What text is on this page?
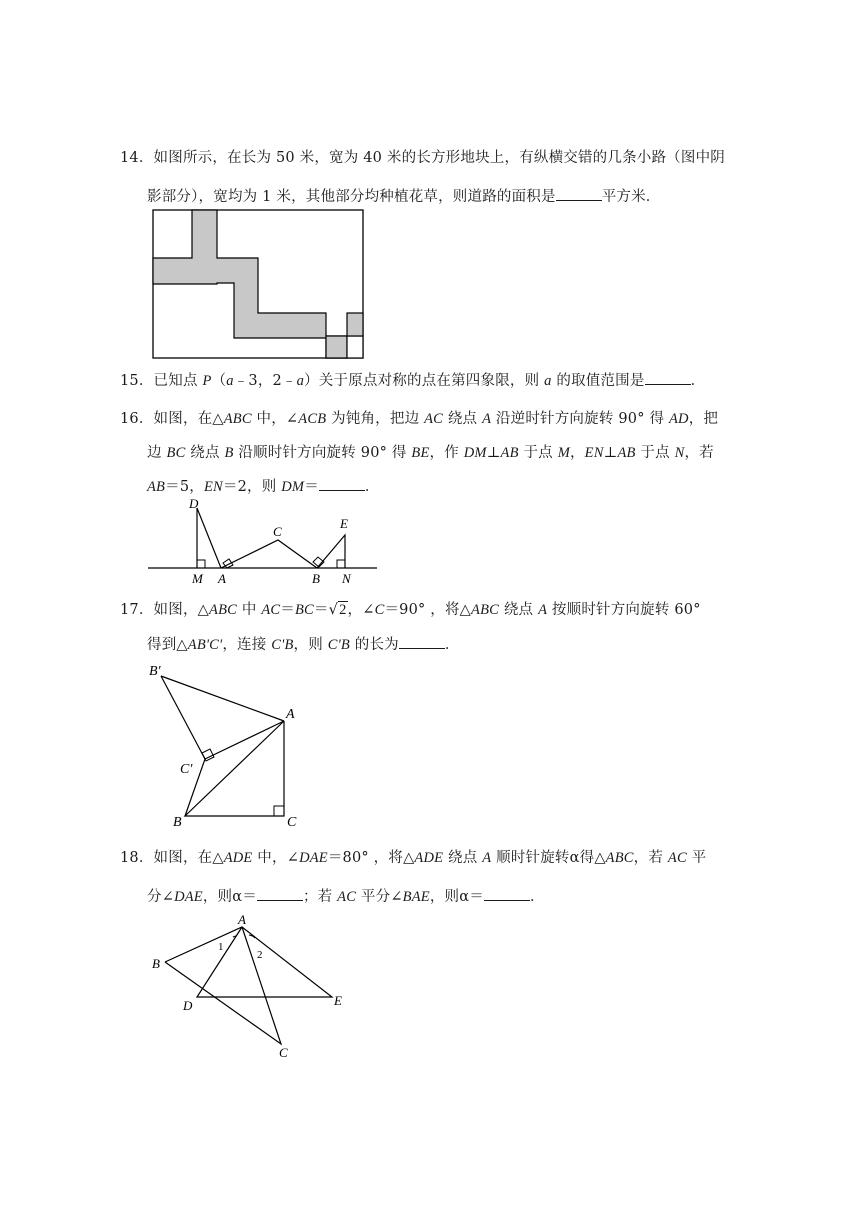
14．如图所示，在长为 50 米，宽为 40 米的长方形地块上，有纵横交错的几条小路（图中阴
影部分），宽均为 1 米，其他部分均种植花草，则道路的面积是	平方米．
15．已知点 P（a﹣3，2﹣a）关于原点对称的点在第四象限，则 a 的取值范围是	．
16．如图，在△ABC 中，∠ACB 为钝角，把边 AC 绕点 A 沿逆时针方向旋转 90° 得 AD，把
边 BC 绕点 B 沿顺时针方向旋转 90° 得 BE，作 DM⊥AB 于点 M，EN⊥AB 于点 N，若
AB＝5，EN＝2，则 DM＝	．
D
C
E
M A	B N
17．如图，△ABC 中 AC＝BC＝√2，∠C＝90° ，将△ABC 绕点 A 按顺时针方向旋转 60°
得到△AB'C'，连接 C'B，则 C'B 的长为	．
B′
A
C′
B	C
18．如图，在△ADE 中，∠DAE＝80° ，将△ADE 绕点 A 顺时针旋转α得△ABC，若 AC 平
分∠DAE，则α＝	；若 AC 平分∠BAE，则α＝	．
A
B
1
2
D	E
C
